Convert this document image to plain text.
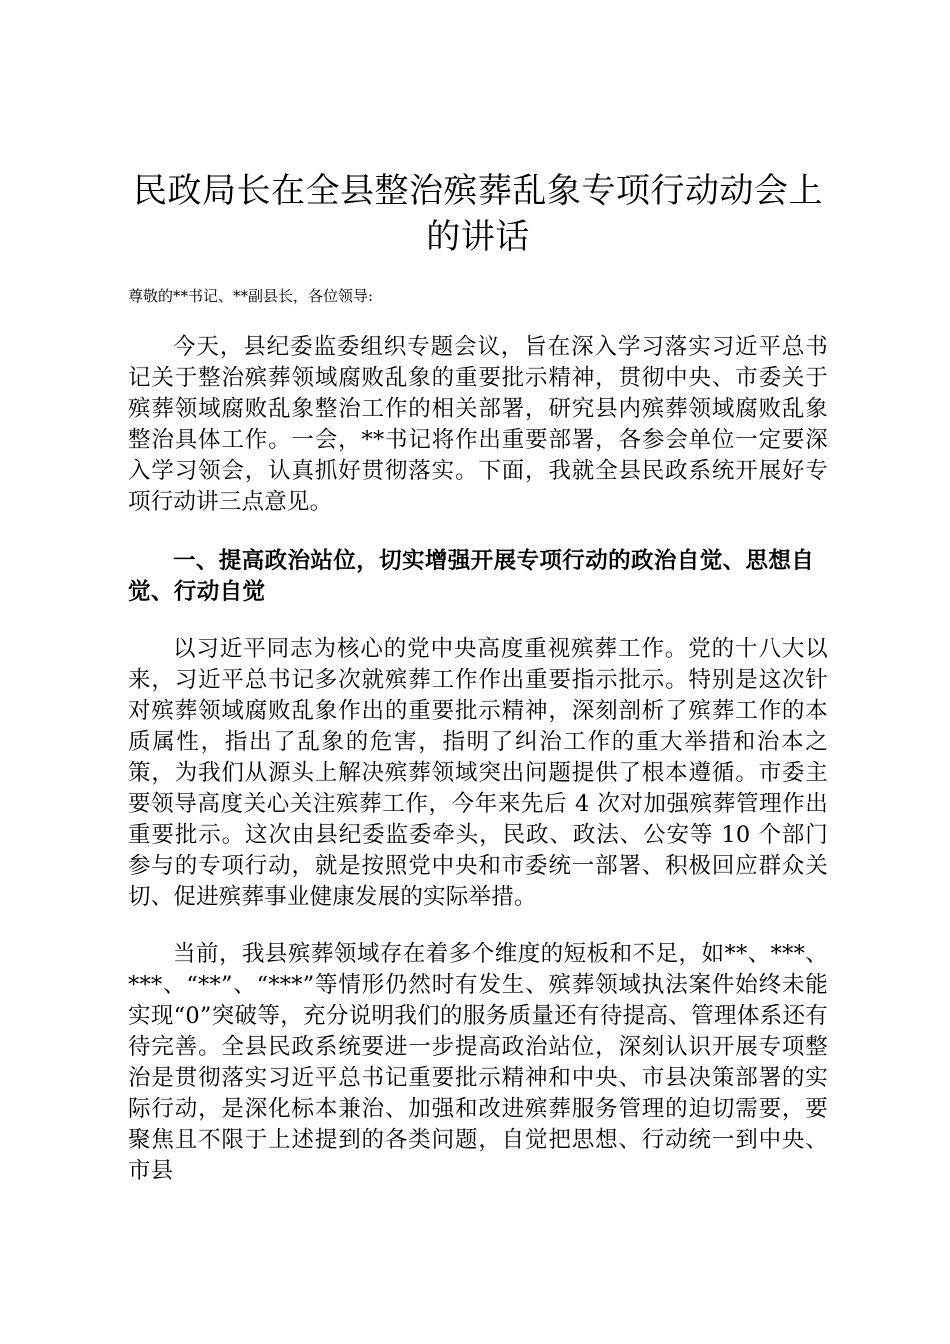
民政局长在全县整治殡葬乱象专项行动动会上的讲话

尊敬的**书记、**副县长，各位领导:

今天，县纪委监委组织专题会议，旨在深入学习落实习近平总书记关于整治殡葬领域腐败乱象的重要批示精神，贯彻中央、市委关于殡葬领域腐败乱象整治工作的相关部署，研究县内殡葬领域腐败乱象整治具体工作。一会，**书记将作出重要部署，各参会单位一定要深入学习领会，认真抓好贯彻落实。下面，我就全县民政系统开展好专项行动讲三点意见。

一、提高政治站位，切实增强开展专项行动的政治自觉、思想自觉、行动自觉

以习近平同志为核心的党中央高度重视殡葬工作。党的十八大以来，习近平总书记多次就殡葬工作作出重要指示批示。特别是这次针对殡葬领域腐败乱象作出的重要批示精神，深刻剖析了殡葬工作的本质属性，指出了乱象的危害，指明了纠治工作的重大举措和治本之策，为我们从源头上解决殡葬领域突出问题提供了根本遵循。市委主要领导高度关心关注殡葬工作，今年来先后 4 次对加强殡葬管理作出重要批示。这次由县纪委监委牵头，民政、政法、公安等 10 个部门参与的专项行动，就是按照党中央和市委统一部署、积极回应群众关切、促进殡葬事业健康发展的实际举措。

当前，我县殡葬领域存在着多个维度的短板和不足，如**、***、***、“**”、“***”等情形仍然时有发生、殡葬领域执法案件始终未能实现“0”突破等，充分说明我们的服务质量还有待提高、管理体系还有待完善。全县民政系统要进一步提高政治站位，深刻认识开展专项整治是贯彻落实习近平总书记重要批示精神和中央、市县决策部署的实际行动，是深化标本兼治、加强和改进殡葬服务管理的迫切需要，要聚焦且不限于上述提到的各类问题，自觉把思想、行动统一到中央、市县
